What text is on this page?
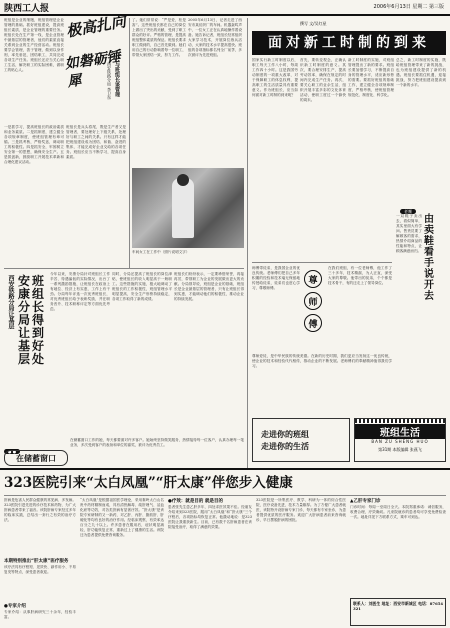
陕西工人报	2006年6月13日 星期二 第三版
班组是企业的细胞，班组管理是企业管理的基础。抓好班组建设，提高班组长素质，是企业管理的重要任务。班组长处在生产第一线，是企业管理中最基层的管理者，他们的素质直接关系到企业的生产经营活动。班组长要学会管理，善于管理，做到以身作则，率先垂范，团结职工，共同完成各项生产任务。班组长还应当关心职工生活，解决职工的实际困难，做职工的贴心人。
极高扎向
如磐砺锤犀	与班组长谈管理
西安铁路分局 李卫东
一是抓学习，提高班组长的政治素质和业务素质。二是抓制度，建立健全各项规章制度，使班组管理有章可循。三是抓考核，严格奖惩，调动职工的积极性。四是抓安全，牢固树立安全第一的思想，确保安全生产。五是抓创新，鼓励职工开展技术革新和合理化建议活动。
班组长是兵头将尾，既是生产者又是管理者，要处理好上下级关系，处理好与职工之间的关系。只有这样才能把班组建设成为团结、和谐、奋进的集体，才能完成好企业交给的各项任务。班组长应当不断学习，提高自身素质。
了。她们常常说：“严是爱，松是害”。这些班组长都在自己的岗位上做出了突出的贡献，受到了职工群众的好评。严格的管理，是提高班组整体素质的保证。班组长要求职工做到的，自己首先做到。她们用自己的行动影响着每一位职工，带领大家团结一致，努力工作。
2005年6月13日，记者走进了西安市某纺织厂的车间。机器轰鸣声中，一位女工正在认真地操作着设备。她告诉记者，班组长经常组织大家学习技术，开展岗位练兵活动，大家的技术水平提高很快。班组的各项指标都名列全厂前茅，多次被评为先进班组。
车间女工在工作中（照片说明文字）
西安铁路分局让基层 安
康
分
局
让
基
层
班
组
长
得
到
好
处
今年以来，安康分局针对班组长工作辛苦、待遇偏低的实际情况，出台了一系列激励措施，让班组长在政治上有地位、经济上有实惠、工作上有干劲。分局每年评选一次优秀班组长，对优秀班组长给予表彰奖励，并在职务晋升、技术职称评定等方面优先考虑。
同时，分局还提高了班组长的岗位津贴，使班组长的收入明显高于一般职工。这些措施的实施，极大地调动了班组长的工作积极性，班组管理水平明显提高，安全生产形势持续稳定，各项工作取得了新的成绩。
班组长们纷纷表示，一定要珍惜荣誉，再接再厉，带领职工为企业的发展做出更大的贡献。分局领导说，班组是企业的基础，班组长是企业最基层的管理者，只有让班组长得到实惠，才能调动他们的积极性，推动企业的持续发展。
● ●
在储蓄窗口
在储蓄窗口工作的她，每天都要面对许多客户。她始终坚持微笑服务，热情接待每一位客户，认真办理每一笔业务，多次受到客户的表扬和单位的嘉奖，被评为优秀员工。
撰写 文/吴红星
面对新工时制的到来
国家实行新工时制度以后，职工每天工作八小时，每周工作四十小时。这是我国劳动制度的一项重大改革，对于保障职工的休息权利，提高职工的生活质量具有重要意义。作为班组长，应当如何面对新工时制的到来呢？
首先，要转变观念，正确认识新工时制度的意义。其次，要合理安排生产，提高劳动效率，确保在规定的时间内完成生产任务。再次，要关心职工的业余生活，组织开展丰富多彩的文化体育活动，使职工度过一个愉快的周末。
新工时制度的实施，对班组管理提出了新的要求。班组长要加强学习，不断提高自身的管理水平，适应新形势的需要。要抓好班组的基础工作，建立健全各项规章制度，严格考核，使班组管理规范化、制度化、科学化。
总之，新工时制度的实施，既给班组管理带来了新的挑战，也为班组建设提供了新的机遇。班组长要抓住机遇，迎接挑战，努力把班组建设提高到一个新的水平。
老鹰
由
卖
鞋
看
手
说
开
去
一双鞋子卖出去，看似简单，其实里面大有学问。售货员要了解顾客的需求，热情介绍商品的性能和特点，让顾客满意而归。
师傅带徒弟，是我国企业的优良传统。老师傅们把自己多年积累的经验和技术毫无保留地传授给徒弟，徒弟们也虚心学习，尊敬师傅。
尊
师
傅
在我们班组，有一位老师傅，他工作了三十多年，技术精湛，为人正直，深受大家的尊敬。他带出的徒弟，个个都是技术骨干，有的还走上了领导岗位。
尊师爱徒，是中华民族的传统美德。在新的历史时期，我们更应当发扬这一优良传统，使企业的技术和经验代代相传，推动企业的不断发展。老师傅们的奉献精神值得我们学习。
走进你的班组
走进你的生活
班组生活
BAN ZU SHENG HUO
第31期 本版编辑 张燕飞
323医院引来“太白凤凰”“肝太康”伴您步入健康
肝病是危害人民群众健康的常见病、多发病。323医院引进先进的诊疗技术和药物，为广大肝病患者带来了福音。该院肝病专家经过多年的临床实践，总结出一套行之有效的治疗方法。
本期特别推出“肝太康”医疗服务
该疗法具有疗程短、见效快、副作用小、不易复发等特点，深受患者欢迎。
●专家介绍
专家介绍：从事肝病研究三十余年，经验丰富。
“太白凤凰”是根据祖国医学理论，采用秦岭太白山名贵中药材精制而成，具有清热解毒、疏肝理气、活血化瘀等功效，对各类肝病有显著疗效。“肝太康”是该院专家研制的又一新药，对乙肝、丙肝、脂肪肝、肝硬化等均有良好的治疗作用。经临床观察，有效率达百分之九十以上。许多患者在服用后，症状明显减轻，肝功能恢复正常，重新过上了健康的生活。该院还为患者提供免费咨询服务。
●疗效：就是目的 就是目的
患者张先生患乙肝多年，四处求医效果不佳。经朋友介绍来到323医院，服用“太白凤凰”和“肝太康”三个疗程后，各项指标均恢复正常。他激动地说：是323医院让我重获新生。目前，已有数千名肝病患者在该院接受治疗，取得了满意的效果。
323医院是一所集医疗、教学、科研为一体的综合性医院，医疗设备先进，技术力量雄厚。为了方便广大患者就医，该院特开设肝病专家门诊，每天都有专家坐诊，为患者提供优质的医疗服务。欢迎广大肝病患者前来咨询就诊，早日摆脱肝病的困扰。
▲乙肝专家门诊
门诊时间：每周一至周日全天。本院郑重承诺：诚信服务，收费合理，疗效确切。凡来院就诊的患者均可享受免费检查一次。地址详见下方联系方式，乘车可到达。
联系人：刘医生 地址：西安市新城区 电话：87654321
